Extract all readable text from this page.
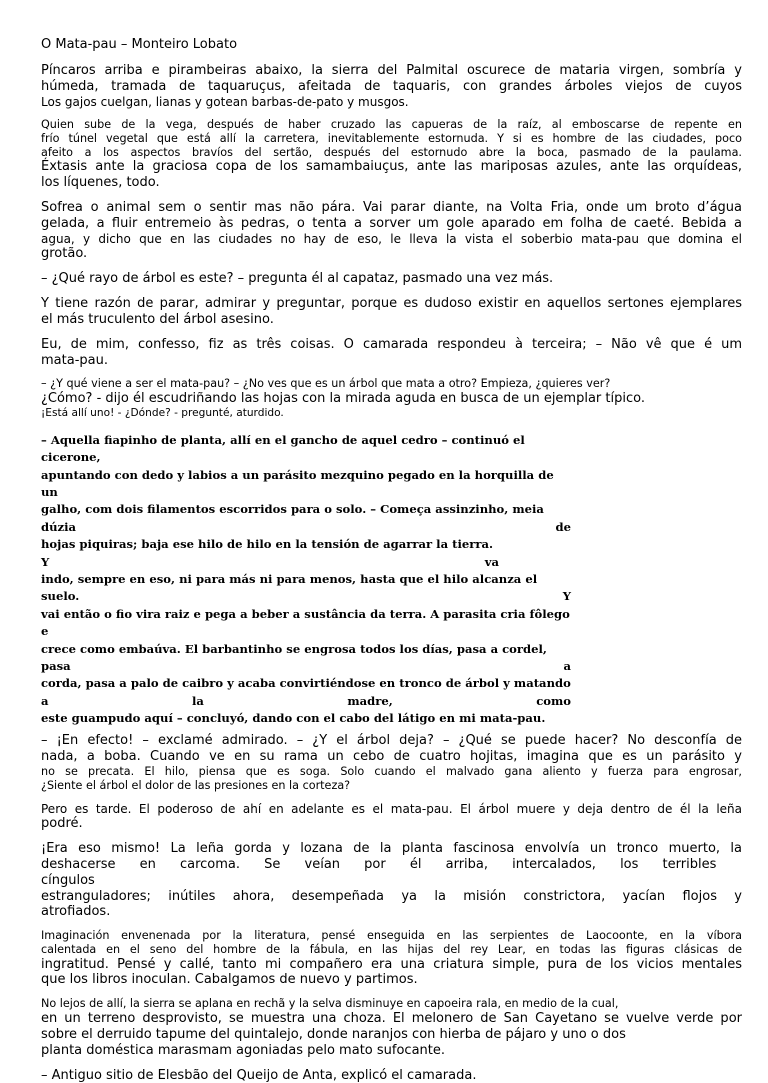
O Mata-pau – Monteiro Lobato

Píncaros arriba e pirambeiras abaixo, la sierra del Palmital oscurece de mataria virgen, sombría y
húmeda, tramada de taquaruçus, afeitada de taquaris, con grandes árboles viejos de cuyos
Los gajos cuelgan, lianas y gotean barbas-de-pato y musgos.
Quien sube de la vega, después de haber cruzado las capueras de la raíz, al emboscarse de repente en
frío túnel vegetal que está allí la carretera, inevitablemente estornuda. Y si es hombre de las ciudades, poco
afeito a los aspectos bravíos del sertão, después del estornudo abre la boca, pasmado de la paulama.
Éxtasis ante la graciosa copa de los samambaiuçus, ante las mariposas azules, ante las orquídeas,
los líquenes, todo.
Sofrea o animal sem o sentir mas não pára. Vai parar diante, na Volta Fria, onde um broto d’água
gelada, a fluir entremeio às pedras, o tenta a sorver um gole aparado em folha de caeté. Bebida a
agua, y dicho que en las ciudades no hay de eso, le lleva la vista el soberbio mata-pau que domina el
grotão.

– ¿Qué rayo de árbol es este? – pregunta él al capataz, pasmado una vez más.

Y tiene razón de parar, admirar y preguntar, porque es dudoso existir en aquellos sertones ejemplares
el más truculento del árbol asesino.
Eu, de mim, confesso, fiz as três coisas. O camarada respondeu à terceira; – Não vê que é um
mata-pau.
– ¿Y qué viene a ser el mata-pau? – ¿No ves que es un árbol que mata a otro? Empieza, ¿quieres ver?
¿Cómo? - dijo él escudriñando las hojas con la mirada aguda en busca de un ejemplar típico.
¡Está allí uno! - ¿Dónde? - pregunté, aturdido.
– Aquella fiapinho de planta, allí en el gancho de aquel cedro – continuó el cicerone,
apuntando con dedo y labios a un parásito mezquino pegado en la horquilla de un
galho, com dois filamentos escorridos para o solo. – Começa assinzinho, meia dúzia de
hojas piquiras; baja ese hilo de hilo en la tensión de agarrar la tierra. Y va
indo, sempre en eso, ni para más ni para menos, hasta que el hilo alcanza el suelo. Y
vai então o fio vira raiz e pega a beber a sustância da terra. A parasita cria fôlego e
crece como embaúva. El barbantinho se engrosa todos los días, pasa a cordel, pasa a
corda, pasa a palo de caibro y acaba convirtiéndose en tronco de árbol y matando a la madre, como
este guampudo aquí – concluyó, dando con el cabo del látigo en mi mata-pau.
– ¡En efecto! – exclamé admirado. – ¿Y el árbol deja? – ¿Qué se puede hacer? No desconfía de
nada, a boba. Cuando ve en su rama un cebo de cuatro hojitas, imagina que es un parásito y
no se precata. El hilo, piensa que es soga. Solo cuando el malvado gana aliento y fuerza para engrosar,
¿Siente el árbol el dolor de las presiones en la corteza?
Pero es tarde. El poderoso de ahí en adelante es el mata-pau. El árbol muere y deja dentro de él la leña
podré.
¡Era eso mismo! La leña gorda y lozana de la planta fascinosa envolvía un tronco muerto, la
deshacerse en carcoma. Se veían por él arriba, intercalados, los terribles cíngulos
estranguladores; inútiles ahora, desempeñada ya la misión constrictora, yacían flojos y
atrofiados.
Imaginación envenenada por la literatura, pensé enseguida en las serpientes de Laocoonte, en la víbora
calentada en el seno del hombre de la fábula, en las hijas del rey Lear, en todas las figuras clásicas de
ingratitud. Pensé y callé, tanto mi compañero era una criatura simple, pura de los vicios mentales
que los libros inoculan. Cabalgamos de nuevo y partimos.
No lejos de allí, la sierra se aplana en rechã y la selva disminuye en capoeira rala, en medio de la cual,
en un terreno desprovisto, se muestra una choza. El melonero de San Cayetano se vuelve verde por
sobre el derruido tapume del quintalejo, donde naranjos con hierba de pájaro y uno o dos
planta doméstica marasmam agoniadas pelo mato sufocante.

– Antiguo sitio de Elesbão del Queijo de Anta, explicó el camarada.
